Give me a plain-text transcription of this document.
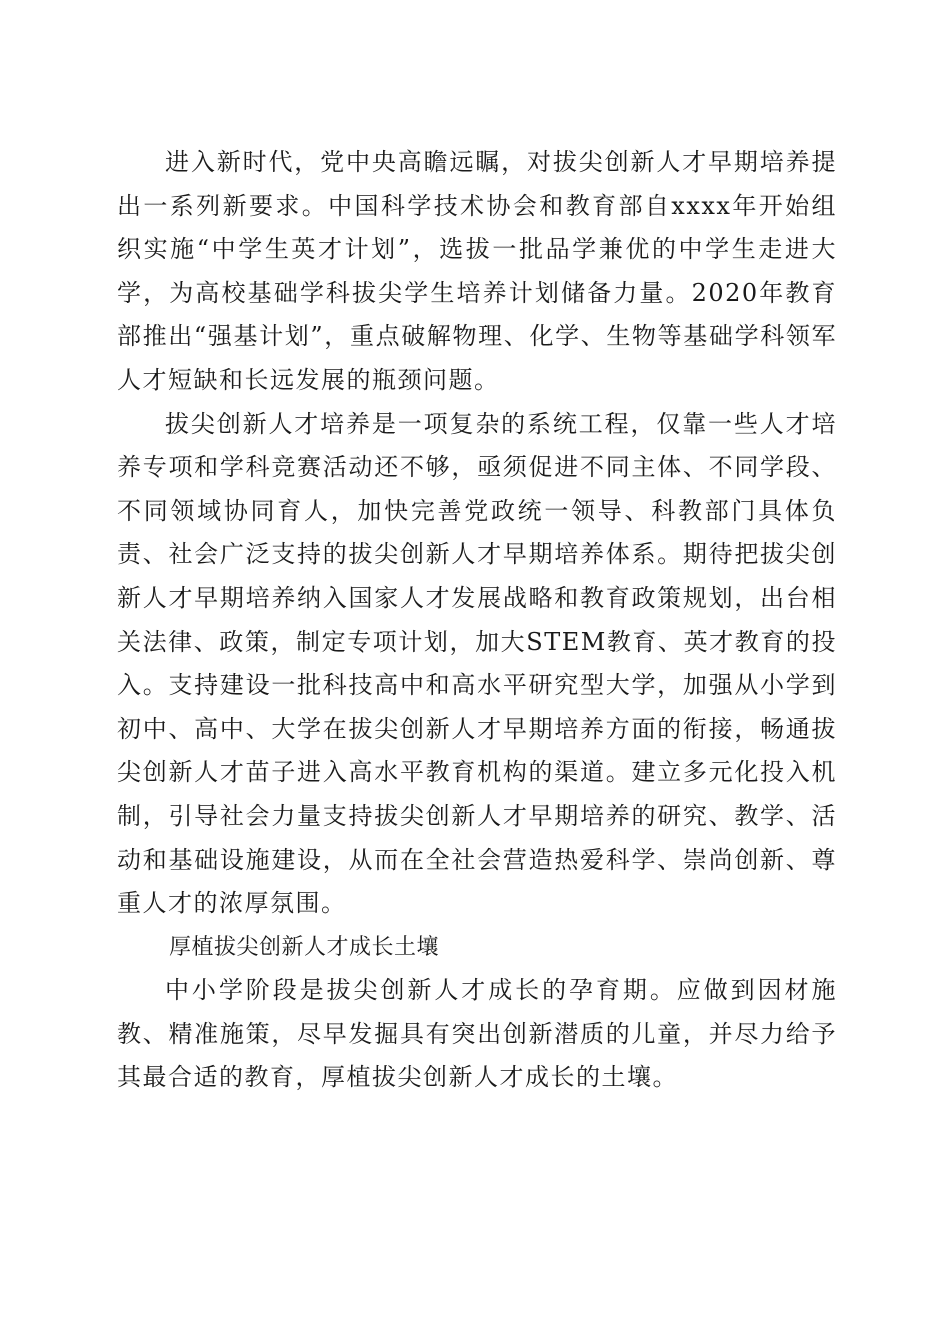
进入新时代，党中央高瞻远瞩，对拔尖创新人才早期培养提出一系列新要求。中国科学技术协会和教育部自xxxx年开始组织实施“中学生英才计划”，选拔一批品学兼优的中学生走进大学，为高校基础学科拔尖学生培养计划储备力量。2020年教育部推出“强基计划”，重点破解物理、化学、生物等基础学科领军人才短缺和长远发展的瓶颈问题。

拔尖创新人才培养是一项复杂的系统工程，仅靠一些人才培养专项和学科竞赛活动还不够，亟须促进不同主体、不同学段、不同领域协同育人，加快完善党政统一领导、科教部门具体负责、社会广泛支持的拔尖创新人才早期培养体系。期待把拔尖创新人才早期培养纳入国家人才发展战略和教育政策规划，出台相关法律、政策，制定专项计划，加大STEM教育、英才教育的投入。支持建设一批科技高中和高水平研究型大学，加强从小学到初中、高中、大学在拔尖创新人才早期培养方面的衔接，畅通拔尖创新人才苗子进入高水平教育机构的渠道。建立多元化投入机制，引导社会力量支持拔尖创新人才早期培养的研究、教学、活动和基础设施建设，从而在全社会营造热爱科学、崇尚创新、尊重人才的浓厚氛围。

厚植拔尖创新人才成长土壤

中小学阶段是拔尖创新人才成长的孕育期。应做到因材施教、精准施策，尽早发掘具有突出创新潜质的儿童，并尽力给予其最合适的教育，厚植拔尖创新人才成长的土壤。
